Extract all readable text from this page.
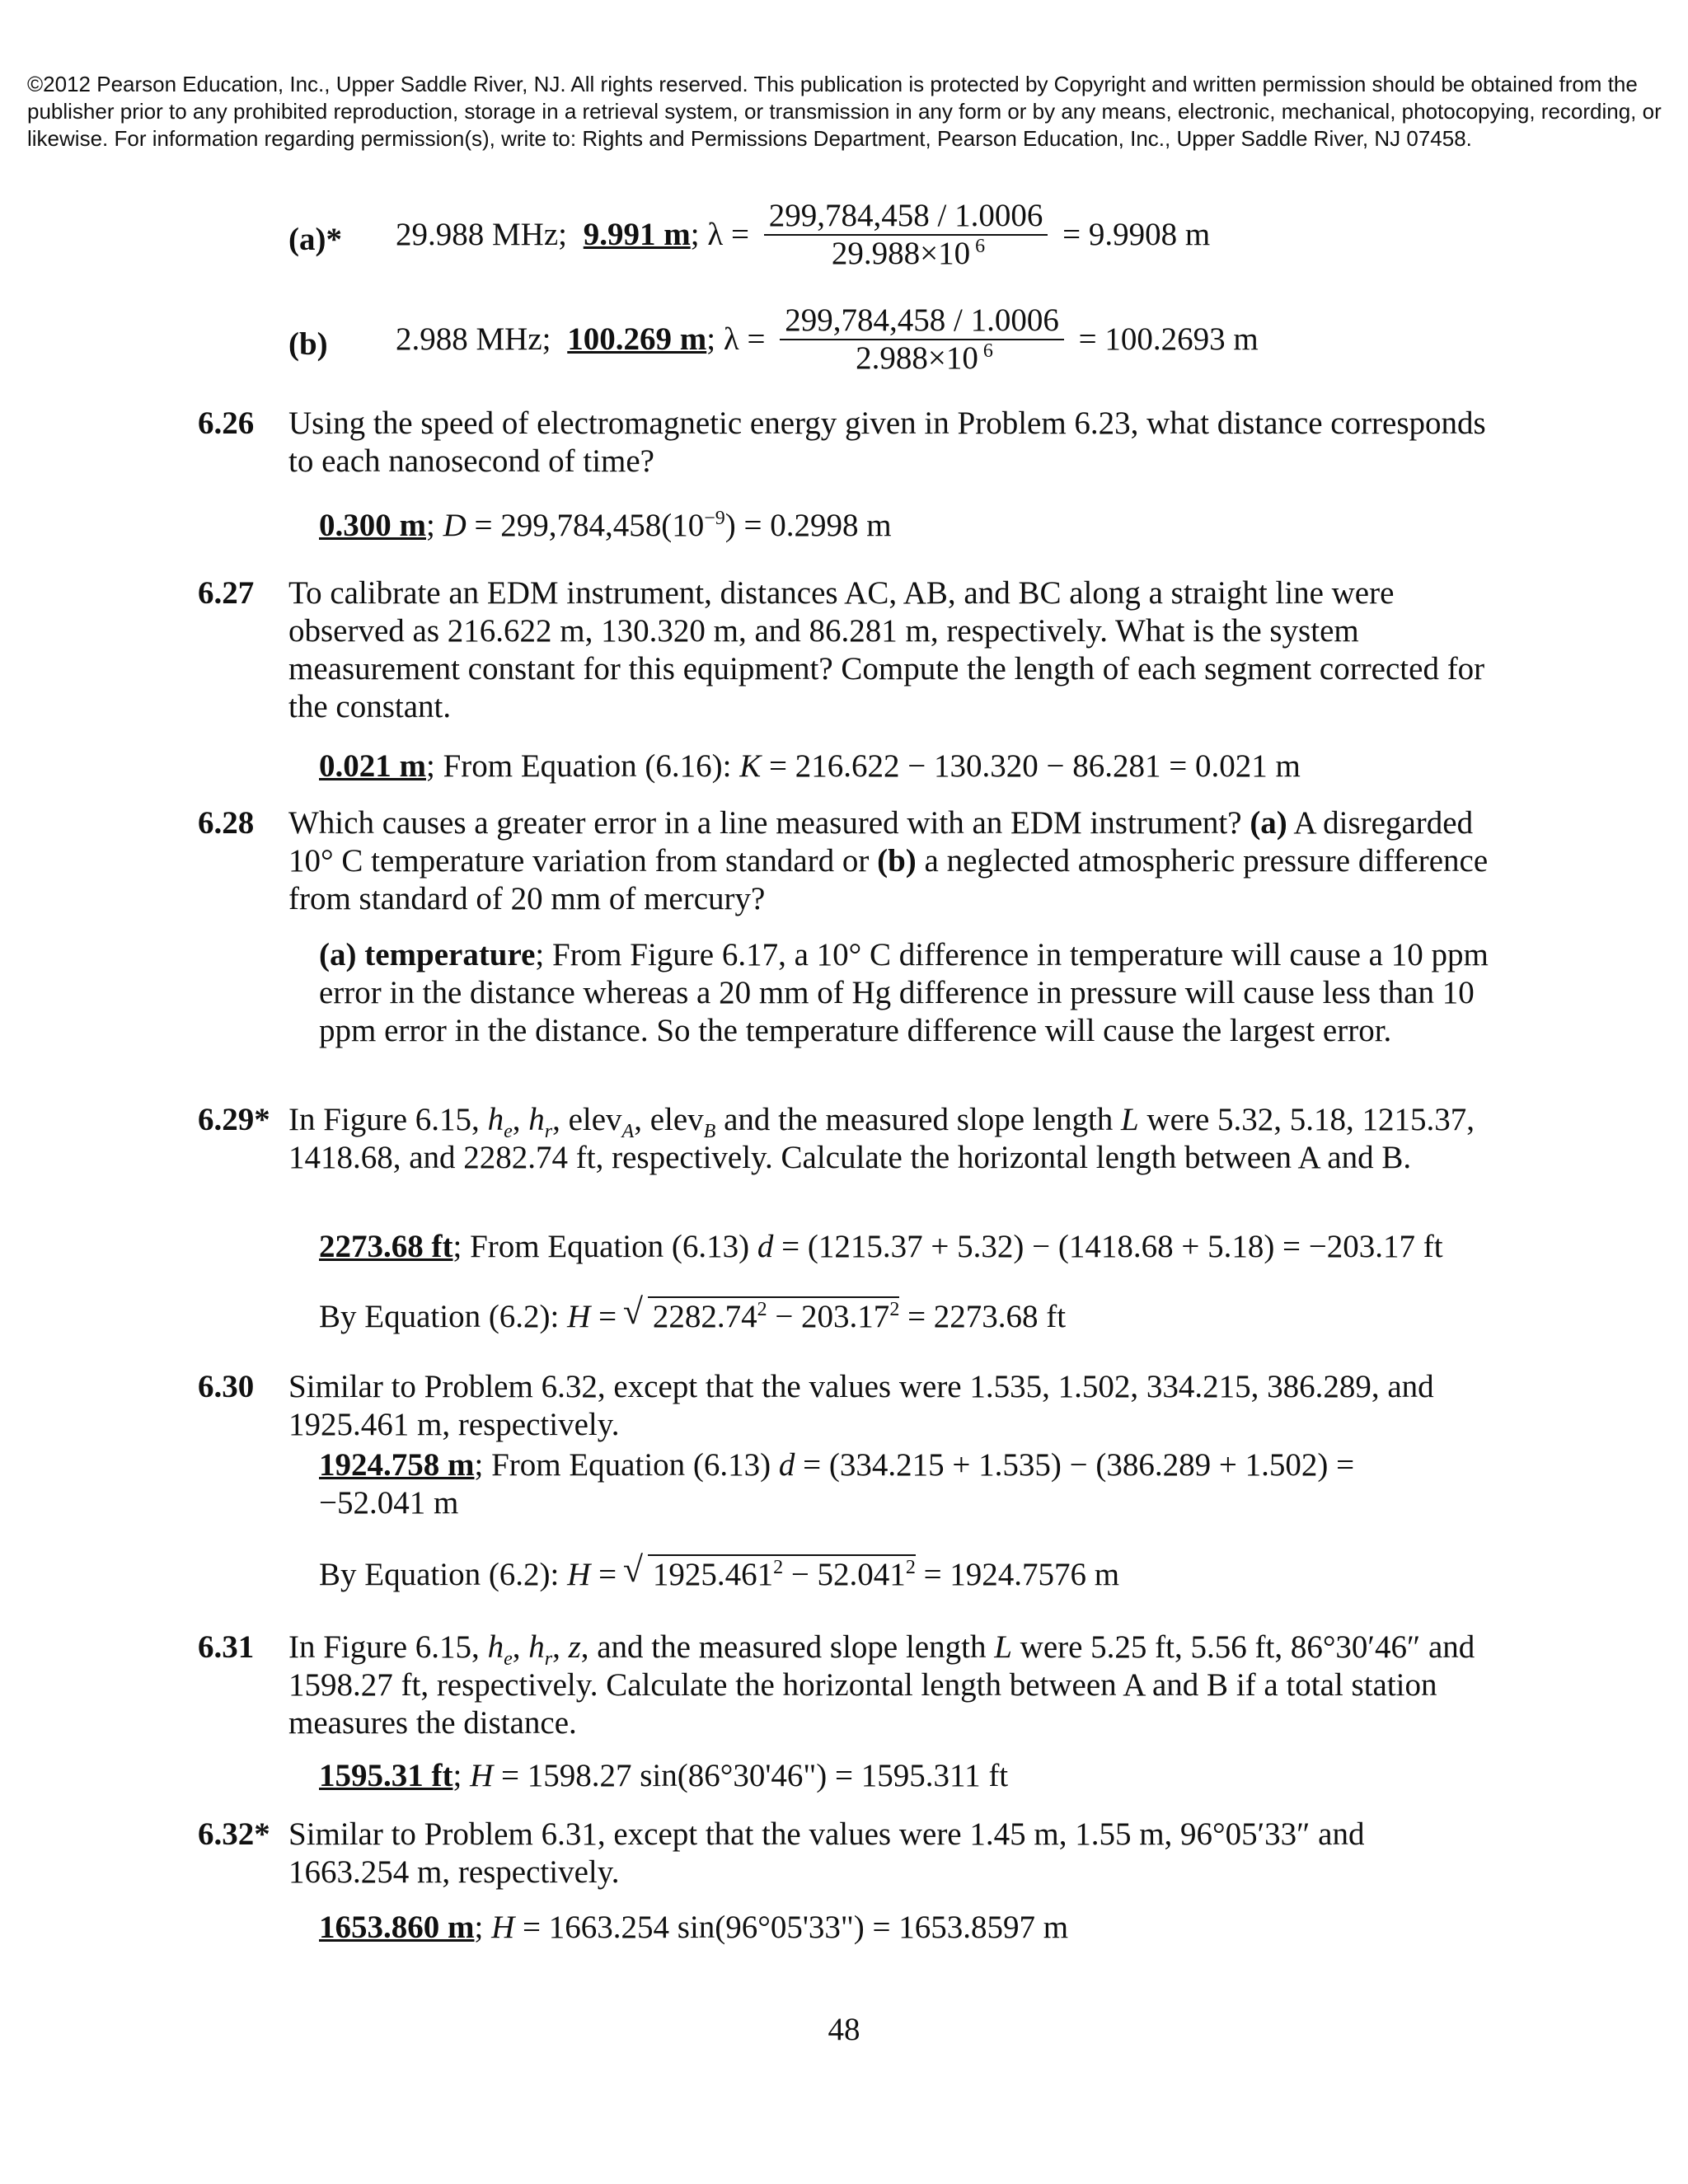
©2012 Pearson Education, Inc., Upper Saddle River, NJ. All rights reserved. This publication is protected by Copyright and written permission should be obtained from the publisher prior to any prohibited reproduction, storage in a retrieval system, or transmission in any form or by any means, electronic, mechanical, photocopying, recording, or likewise. For information regarding permission(s), write to: Rights and Permissions Department, Pearson Education, Inc., Upper Saddle River, NJ 07458.
(a)* 29.988 MHz; 9.991 m; $\lambda = \frac{299,784,458 / 1.0006}{29.988\times 10 ^6} = 9.9908$ m
(b) 2.988 MHz; 100.269 m; $\lambda = \frac{299,784,458 / 1.0006}{2.988\times 10 ^6} = 100.2693$ m
6.26 Using the speed of electromagnetic energy given in Problem 6.23, what distance corresponds to each nanosecond of time?
0.300 m; $D = 299,784,458(10^{-9}) = 0.2998$ m
6.27 To calibrate an EDM instrument, distances AC, AB, and BC along a straight line were observed as 216.622 m, 130.320 m, and 86.281 m, respectively. What is the system measurement constant for this equipment? Compute the length of each segment corrected for the constant.
0.021 m; From Equation (6.16): K = 216.622 − 130.320 − 86.281 = 0.021 m
6.28 Which causes a greater error in a line measured with an EDM instrument? (a) A disregarded 10° C temperature variation from standard or (b) a neglected atmospheric pressure difference from standard of 20 mm of mercury?
(a) temperature; From Figure 6.17, a 10° C difference in temperature will cause a 10 ppm error in the distance whereas a 20 mm of Hg difference in pressure will cause less than 10 ppm error in the distance. So the temperature difference will cause the largest error.
6.29* In Figure 6.15, $h_e$, $h_r$, elev$_A$, elev$_B$ and the measured slope length L were 5.32, 5.18, 1215.37, 1418.68, and 2282.74 ft, respectively. Calculate the horizontal length between A and B.
2273.68 ft; From Equation (6.13) d = (1215.37 + 5.32) − (1418.68 + 5.18) = −203.17 ft
By Equation (6.2): H = √ $2282.74^2 - 203.17^2 = 2273.68$ ft
6.30 Similar to Problem 6.32, except that the values were 1.535, 1.502, 334.215, 386.289, and 1925.461 m, respectively.
1924.758 m; From Equation (6.13) d = (334.215 + 1.535) − (386.289 + 1.502) = −52.041 m
By Equation (6.2): H = √ $1925.461^2 - 52.041^2 = 1924.7576$ m
6.31 In Figure 6.15, $h_e$, $h_r$, z, and the measured slope length L were 5.25 ft, 5.56 ft, 86°30′46″ and 1598.27 ft, respectively. Calculate the horizontal length between A and B if a total station measures the distance.
1595.31 ft; H = 1598.27 sin(86°30'46") = 1595.311 ft
6.32* Similar to Problem 6.31, except that the values were 1.45 m, 1.55 m, 96°05′33″ and 1663.254 m, respectively.
1653.860 m; H = 1663.254 sin(96°05'33") = 1653.8597 m
48
